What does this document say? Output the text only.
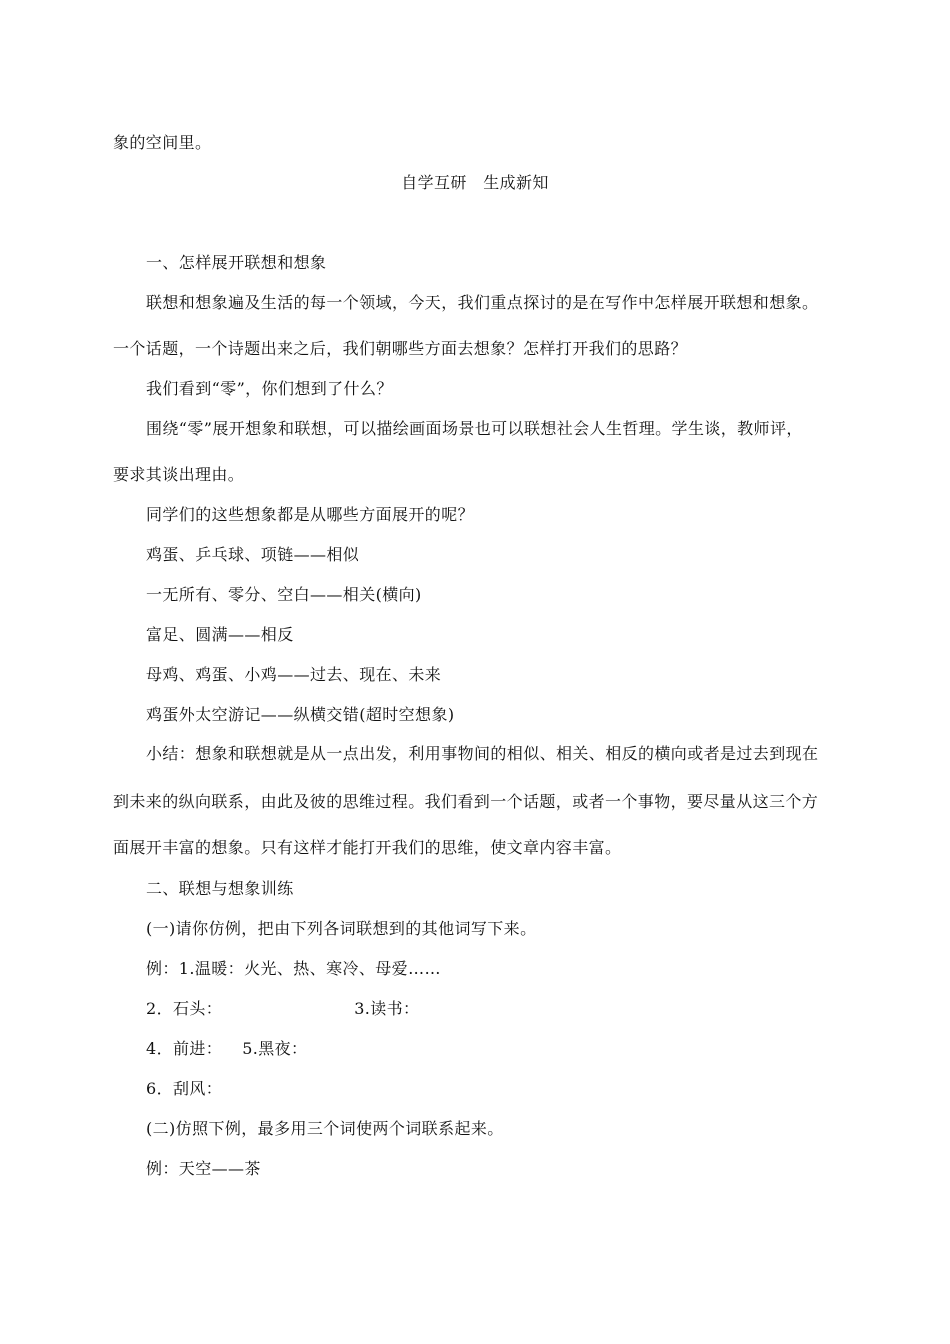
象的空间里。
自学互研　生成新知
一、怎样展开联想和想象
联想和想象遍及生活的每一个领域，今天，我们重点探讨的是在写作中怎样展开联想和想象。
一个话题，一个诗题出来之后，我们朝哪些方面去想象？怎样打开我们的思路？
我们看到“零”，你们想到了什么？
围绕“零”展开想象和联想，可以描绘画面场景也可以联想社会人生哲理。学生谈，教师评，
要求其谈出理由。
同学们的这些想象都是从哪些方面展开的呢？
鸡蛋、乒乓球、项链——相似
一无所有、零分、空白——相关(横向)
富足、圆满——相反
母鸡、鸡蛋、小鸡——过去、现在、未来
鸡蛋外太空游记——纵横交错(超时空想象)
小结：想象和联想就是从一点出发，利用事物间的相似、相关、相反的横向或者是过去到现在
到未来的纵向联系，由此及彼的思维过程。我们看到一个话题，或者一个事物，要尽量从这三个方
面展开丰富的想象。只有这样才能打开我们的思维，使文章内容丰富。
二、联想与想象训练
(一)请你仿例，把由下列各词联想到的其他词写下来。
例：1.温暖：火光、热、寒冷、母爱……
2．石头：	3.读书：
4．前进： 5.黑夜：
6．刮风：
(二)仿照下例，最多用三个词使两个词联系起来。
例：天空——茶
